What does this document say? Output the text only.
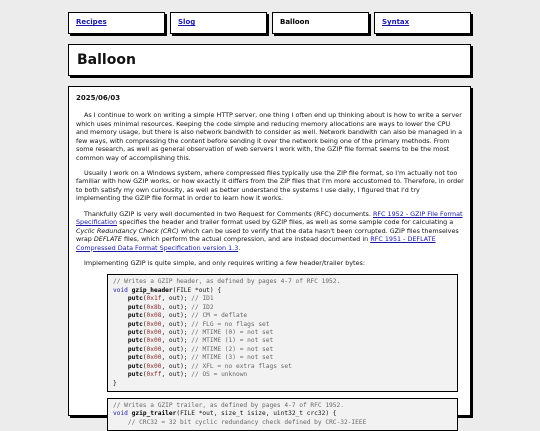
Recipes	Slog	Balloon	Syntax
Balloon
2025/06/03

As I continue to work on writing a simple HTTP server, one thing I often end up thinking about is how to write a server which uses minimal resources. Keeping the code simple and reducing memory allocations are ways to lower the CPU and memory usage, but there is also network bandwith to consider as well. Network bandwith can also be managed in a few ways, with compressing the content before sending it over the network being one of the primary methods. From some research, as well as general observation of web servers I work with, the GZIP file format seems to be the most common way of accomplishing this.

Usually I work on a Windows system, where compressed files typically use the ZIP file format, so I'm actually not too familiar with how GZIP works, or how exactly it differs from the ZIP files that I'm more accustomed to. Therefore, in order to both satisfy my own curiousity, as well as better understand the systems I use daily, I figured that I'd try implementing the GZIP file format in order to learn how it works.

Thankfully GZIP is very well documented in two Request for Comments (RFC) documents. RFC 1952 - GZIP File Format Specification specifies the header and trailer format used by GZIP files, as well as some sample code for calculating a Cyclic Redundancy Check (CRC) which can be used to verify that the data hasn't been corrupted. GZIP files themselves wrap DEFLATE files, which perform the actual compression, and are instead documented in RFC 1951 - DEFLATE Compressed Data Format Specification version 1.3.

Implementing GZIP is quite simple, and only requires writing a few header/trailer bytes:

// Writes a GZIP header, as defined by pages 4-7 of RFC 1952.
void gzip_header(FILE *out) {
putc(0x1f, out); // ID1
putc(0x8b, out); // ID2
putc(0x08, out); // CM = deflate
putc(0x00, out); // FLG = no flags set
putc(0x00, out); // MTIME (0) = not set
putc(0x00, out); // MTIME (1) = not set
putc(0x00, out); // MTIME (2) = not set
putc(0x00, out); // MTIME (3) = not set
putc(0x00, out); // XFL = no extra flags set
putc(0xff, out); // OS = unknown
}
// Writes a GZIP trailer, as defined by pages 4-7 of RFC 1952.
void gzip_trailer(FILE *out, size_t isize, uint32_t crc32) {
// CRC32 = 32 bit cyclic redundancy check defined by CRC-32-IEEE
